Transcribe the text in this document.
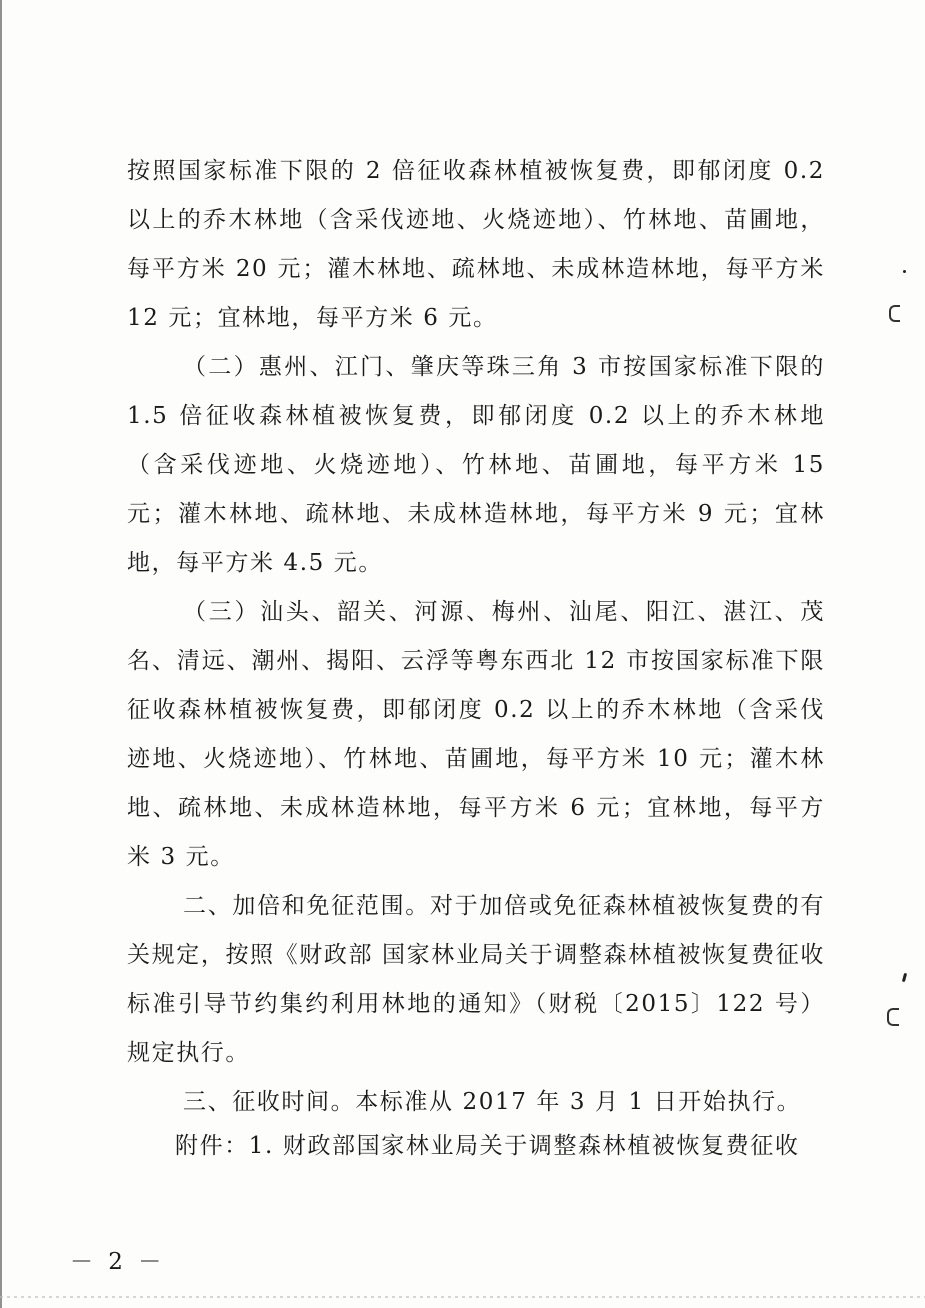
按照国家标准下限的 2 倍征收森林植被恢复费，即郁闭度 0.2 以上的乔木林地（含采伐迹地、火烧迹地）、竹林地、苗圃地，每平方米 20 元；灌木林地、疏林地、未成林造林地，每平方米 12 元；宜林地，每平方米 6 元。

（二）惠州、江门、肇庆等珠三角 3 市按国家标准下限的 1.5 倍征收森林植被恢复费，即郁闭度 0.2 以上的乔木林地（含采伐迹地、火烧迹地）、竹林地、苗圃地，每平方米 15 元；灌木林地、疏林地、未成林造林地，每平方米 9 元；宜林地，每平方米 4.5 元。

（三）汕头、韶关、河源、梅州、汕尾、阳江、湛江、茂名、清远、潮州、揭阳、云浮等粤东西北 12 市按国家标准下限征收森林植被恢复费，即郁闭度 0.2 以上的乔木林地（含采伐迹地、火烧迹地）、竹林地、苗圃地，每平方米 10 元；灌木林地、疏林地、未成林造林地，每平方米 6 元；宜林地，每平方米 3 元。

二、加倍和免征范围。对于加倍或免征森林植被恢复费的有关规定，按照《财政部 国家林业局关于调整森林植被恢复费征收标准引导节约集约利用林地的通知》（财税〔2015〕122 号）规定执行。

三、征收时间。本标准从 2017 年 3 月 1 日开始执行。

附件：1. 财政部国家林业局关于调整森林植被恢复费征收
－ 2 －
